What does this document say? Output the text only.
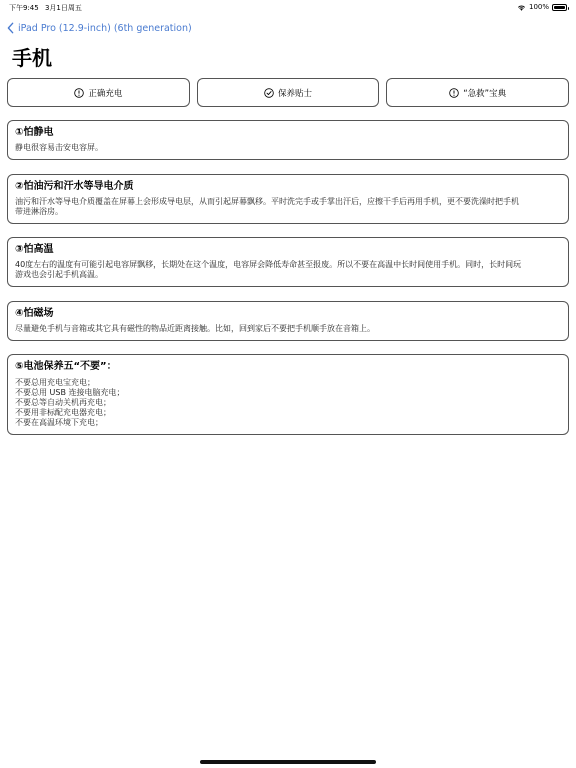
下午9:45 3月1日周五	100%
iPad Pro (12.9-inch) (6th generation)
手机
正确充电	保养贴士	“急救”宝典
①怕静电
静电很容易击安电容屏。
②怕油污和汗水等导电介质
油污和汗水等导电介质覆盖在屏幕上会形成导电层，从而引起屏幕飘移。平时洗完手或手掌出汗后，应擦干手后再用手机，更不要洗澡时把手机
带进淋浴房。
③怕高温
40度左右的温度有可能引起电容屏飘移，长期处在这个温度，电容屏会降低寿命甚至报废。所以不要在高温中长时间使用手机。同时，长时间玩
游戏也会引起手机高温。
④怕磁场
尽量避免手机与音箱或其它具有磁性的物品近距离接触。比如，回到家后不要把手机顺手放在音箱上。
⑤电池保养五“不要”：
不要总用充电宝充电；
不要总用 USB 连接电脑充电；
不要总等自动关机再充电；
不要用非标配充电器充电；
不要在高温环境下充电；
